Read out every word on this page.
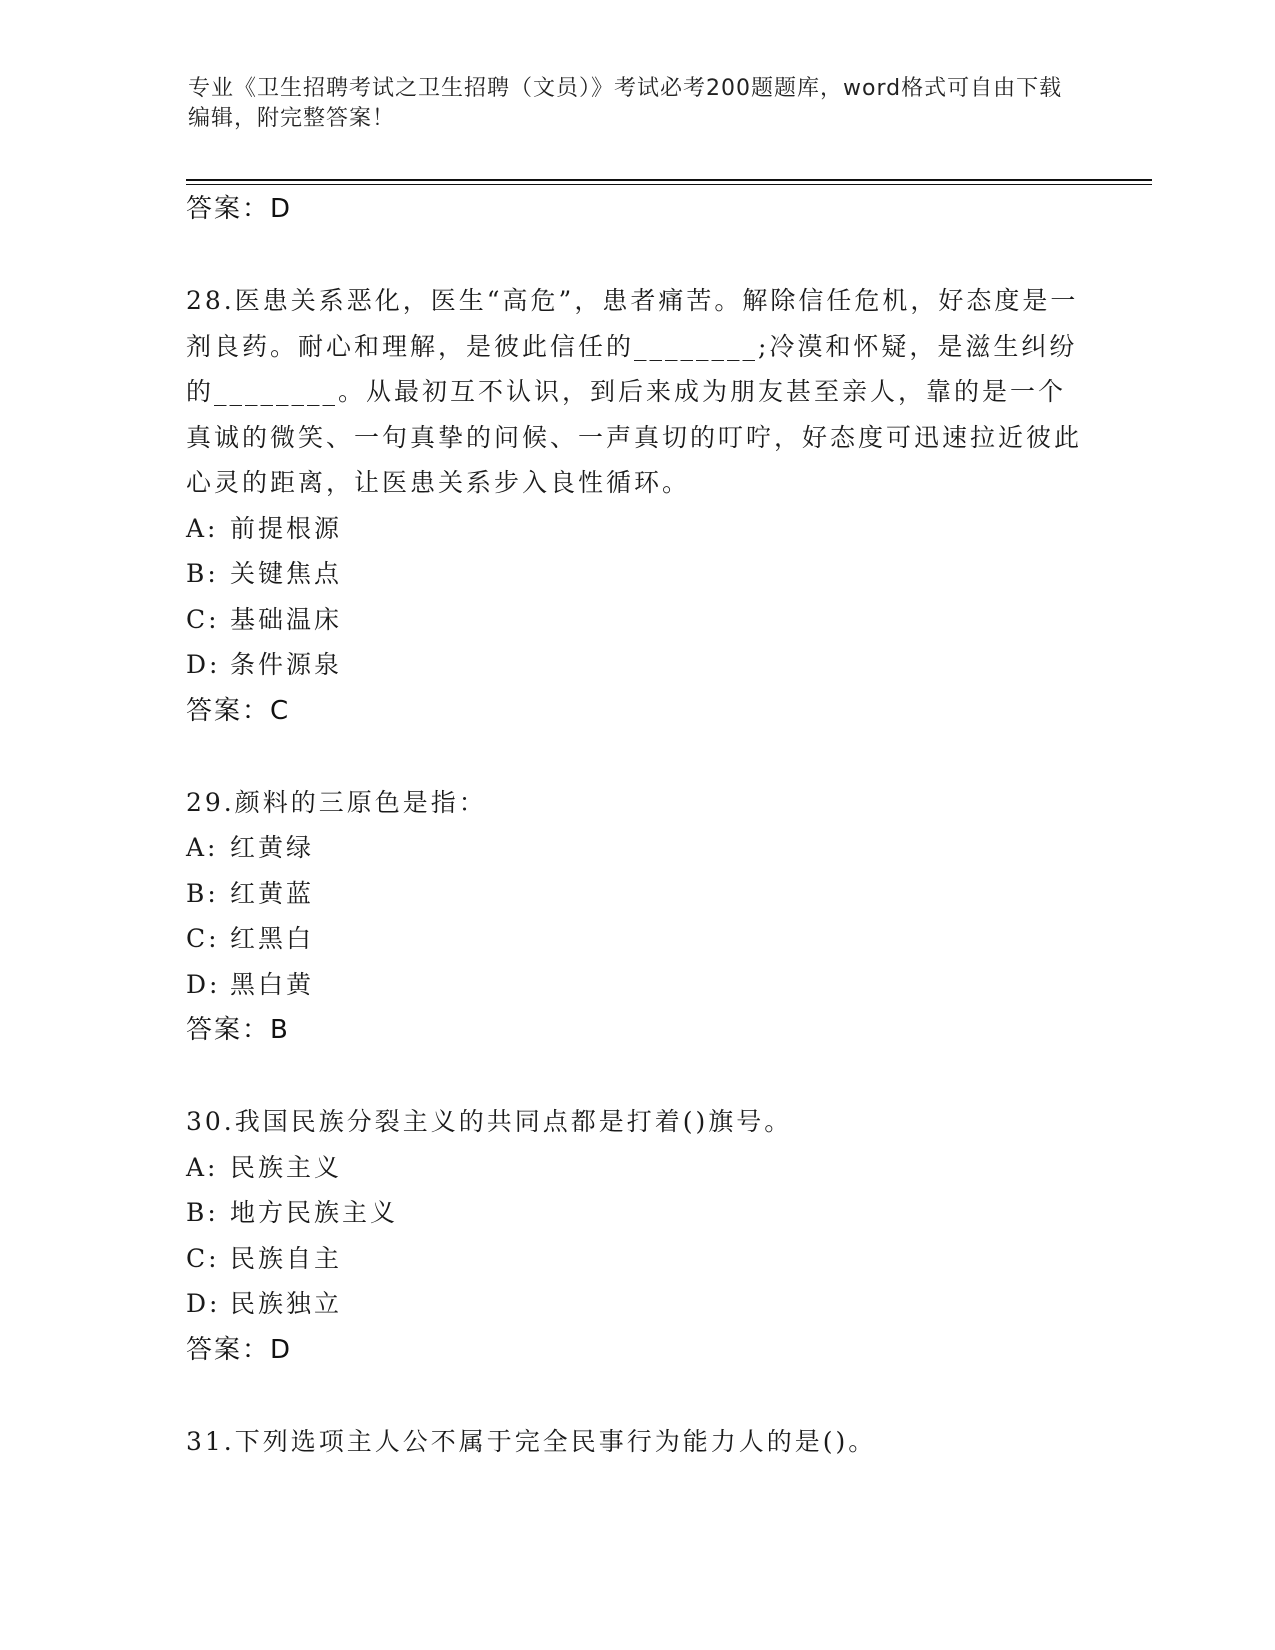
专业《卫生招聘考试之卫生招聘（文员）》考试必考200题题库，word格式可自由下载编辑，附完整答案！

答案：D

28.医患关系恶化，医生“高危”，患者痛苦。解除信任危机，好态度是一剂良药。耐心和理解，是彼此信任的________;冷漠和怀疑，是滋生纠纷的________。从最初互不认识，到后来成为朋友甚至亲人，靠的是一个真诚的微笑、一句真挚的问候、一声真切的叮咛，好态度可迅速拉近彼此心灵的距离，让医患关系步入良性循环。

A: 前提根源

B: 关键焦点

C: 基础温床

D: 条件源泉

答案：C

29.颜料的三原色是指：

A: 红黄绿

B: 红黄蓝

C: 红黑白

D: 黑白黄

答案：B

30.我国民族分裂主义的共同点都是打着()旗号。

A: 民族主义

B: 地方民族主义

C: 民族自主

D: 民族独立

答案：D

31.下列选项主人公不属于完全民事行为能力人的是()。
